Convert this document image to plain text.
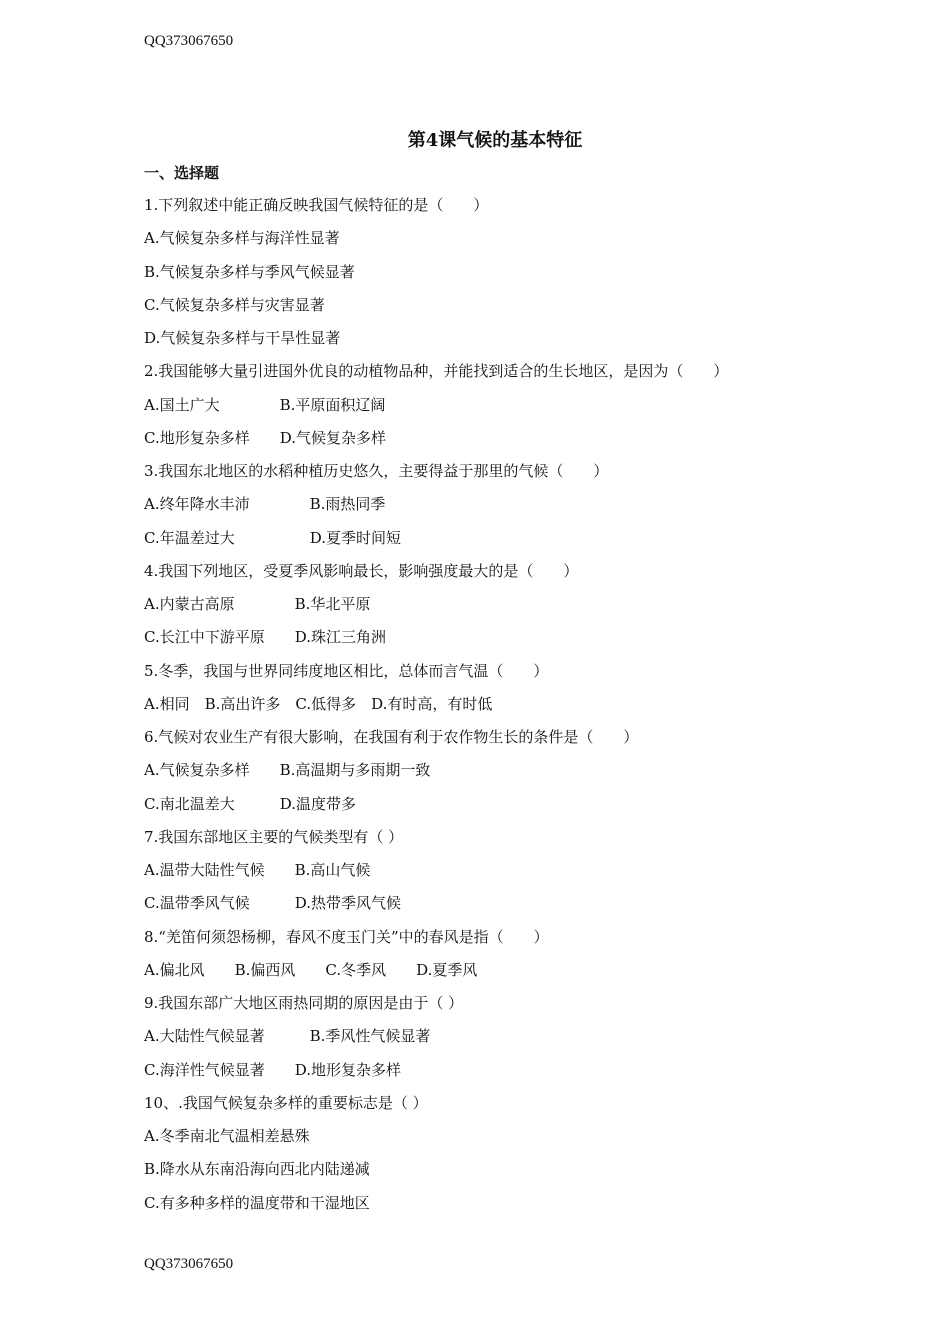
QQ373067650
第4课气候的基本特征
一、选择题
1.下列叙述中能正确反映我国气候特征的是（　　）
A.气候复杂多样与海洋性显著
B.气候复杂多样与季风气候显著
C.气候复杂多样与灾害显著
D.气候复杂多样与干旱性显著
2.我国能够大量引进国外优良的动植物品种，并能找到适合的生长地区，是因为（　　）
A.国土广大　　　　B.平原面积辽阔
C.地形复杂多样　　D.气候复杂多样
3.我国东北地区的水稻种植历史悠久，主要得益于那里的气候（　　）
A.终年降水丰沛　　　　B.雨热同季
C.年温差过大　　　　　D.夏季时间短
4.我国下列地区，受夏季风影响最长，影响强度最大的是（　　）
A.内蒙古高原　　　　B.华北平原
C.长江中下游平原　　D.珠江三角洲
5.冬季，我国与世界同纬度地区相比，总体而言气温（　　）
A.相同　B.高出许多　C.低得多　D.有时高，有时低
6.气候对农业生产有很大影响，在我国有利于农作物生长的条件是（　　）
A.气候复杂多样　　B.高温期与多雨期一致
C.南北温差大　　　D.温度带多
7.我国东部地区主要的气候类型有（ ）
A.温带大陆性气候　　B.高山气候
C.温带季风气候　　　D.热带季风气候
8.“羌笛何须怨杨柳，春风不度玉门关”中的春风是指（　　）
A.偏北风　　B.偏西风　　C.冬季风　　D.夏季风
9.我国东部广大地区雨热同期的原因是由于（ ）
A.大陆性气候显著　　　B.季风性气候显著
C.海洋性气候显著　　D.地形复杂多样
10、.我国气候复杂多样的重要标志是（ ）
A.冬季南北气温相差悬殊
B.降水从东南沿海向西北内陆递减
C.有多种多样的温度带和干湿地区
QQ373067650
